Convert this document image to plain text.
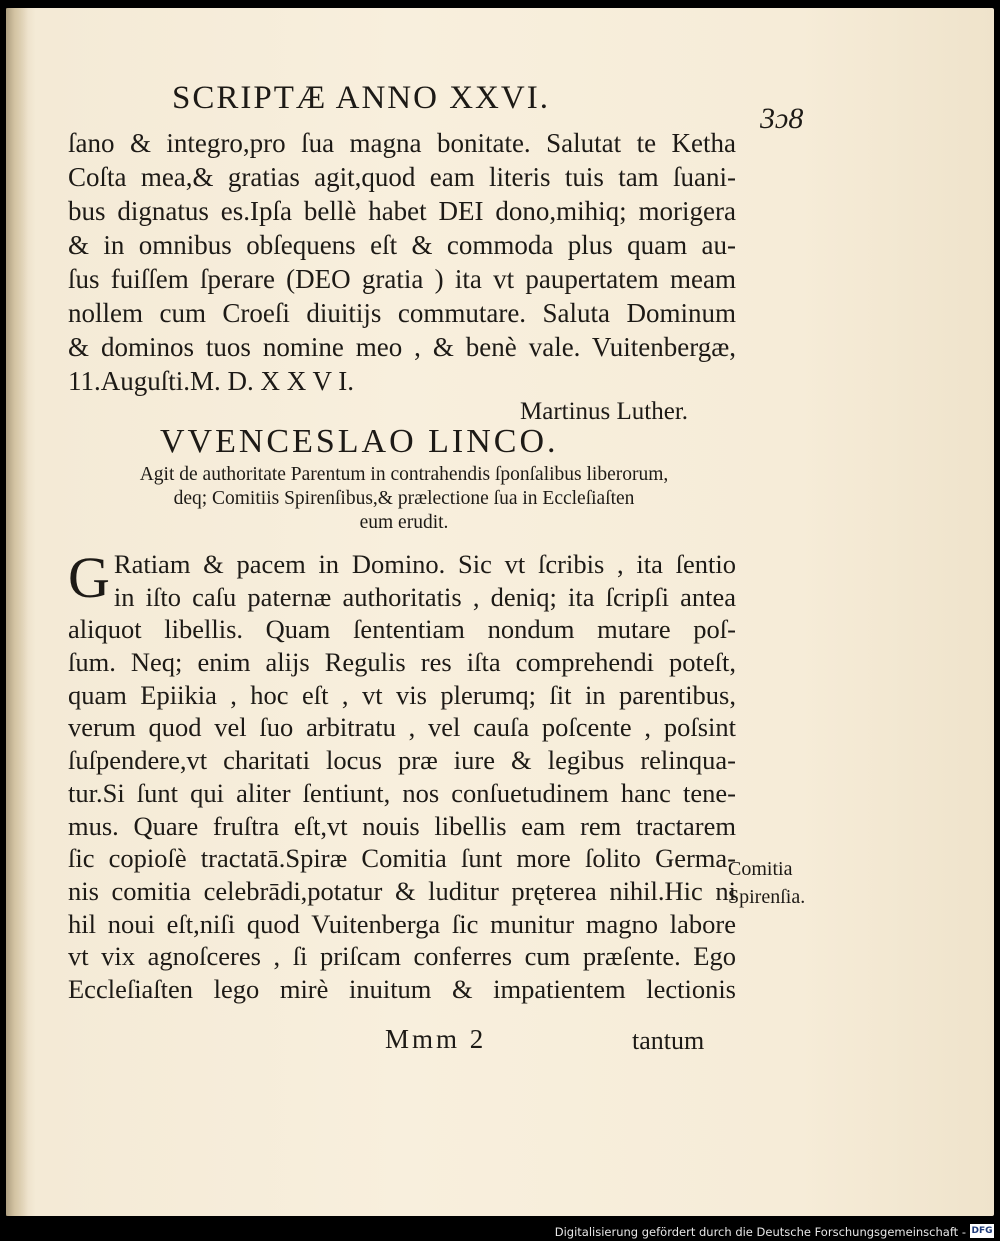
SCRIPTÆ ANNO XXVI.
3ɔ8
ſano & integro,pro ſua magna bonitate. Salutat te Ketha
Coſta mea,& gratias agit,quod eam literis tuis tam ſuani-
bus dignatus es.Ipſa bellè habet DEI dono,mihiq; morigera
& in omnibus obſequens eſt & commoda plus quam au-
ſus fuiſſem ſperare (DEO gratia ) ita vt paupertatem meam
nollem cum Croeſi diuitijs commutare. Saluta Dominum
& dominos tuos nomine meo , & benè vale. Vuitenbergæ,
11.Auguſti.M. D. X X V I.
Martinus Luther.
VVENCESLAO LINCO.
Agit de authoritate Parentum in contrahendis ſponſalibus liberorum,
deq; Comitiis Spirenſibus,& prælectione ſua in Eccleſiaſten
eum erudit.
G Ratiam & pacem in Domino. Sic vt ſcribis , ita ſentio
in iſto caſu paternæ authoritatis , deniq; ita ſcripſi antea
aliquot libellis. Quam ſententiam nondum mutare poſ-
ſum. Neq; enim alijs Regulis res iſta comprehendi poteſt,
quam Epiikia , hoc eſt , vt vis plerumq; ſit in parentibus,
verum quod vel ſuo arbitratu , vel cauſa poſcente , poſsint
ſuſpendere,vt charitati locus præ iure & legibus relinqua-
tur.Si ſunt qui aliter ſentiunt, nos conſuetudinem hanc tene-
mus. Quare fruſtra eſt,vt nouis libellis eam rem tractarem
ſic copioſè tractatā.Spiræ Comitia ſunt more ſolito Germa-
nis comitia celebrādi,potatur & luditur pręterea nihil.Hic ni
hil noui eſt,niſi quod Vuitenberga ſic munitur magno labore
vt vix agnoſceres , ſi priſcam conferres cum præſente. Ego
Eccleſiaſten lego mirè inuitum & impatientem lectionis
Comitia
Spirenſia.
Mmm 2	tantum
Digitalisierung gefördert durch die Deutsche Forschungsgemeinschaft - DFG
